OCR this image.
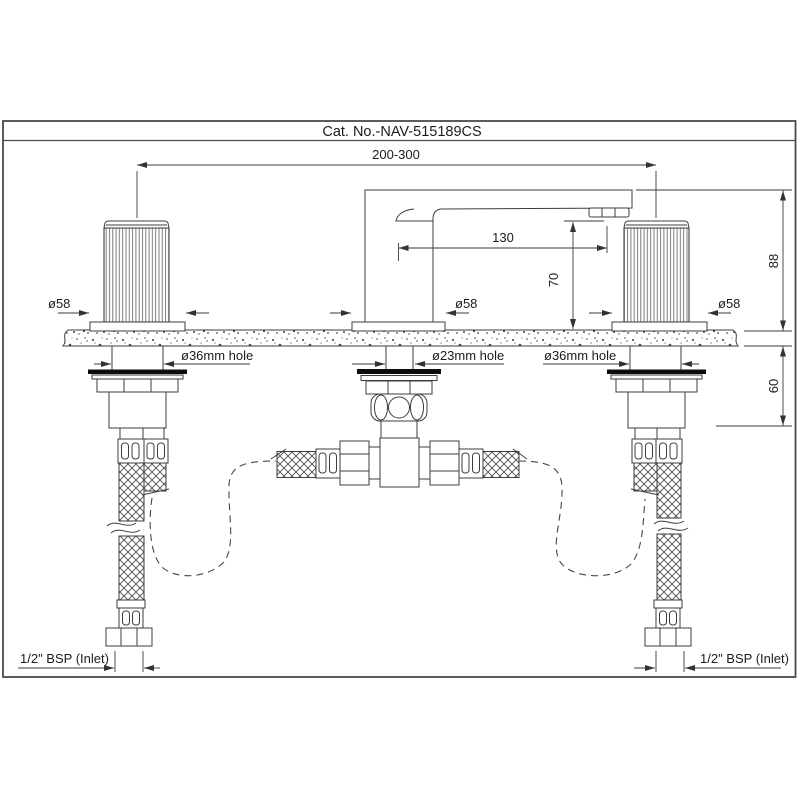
Cat. No.-NAV-515189CS
200-300
130
70
88
60
ø58	ø58	ø58
ø36mm hole	ø23mm hole	ø36mm hole
1/2" BSP (Inlet)	1/2" BSP (Inlet)
